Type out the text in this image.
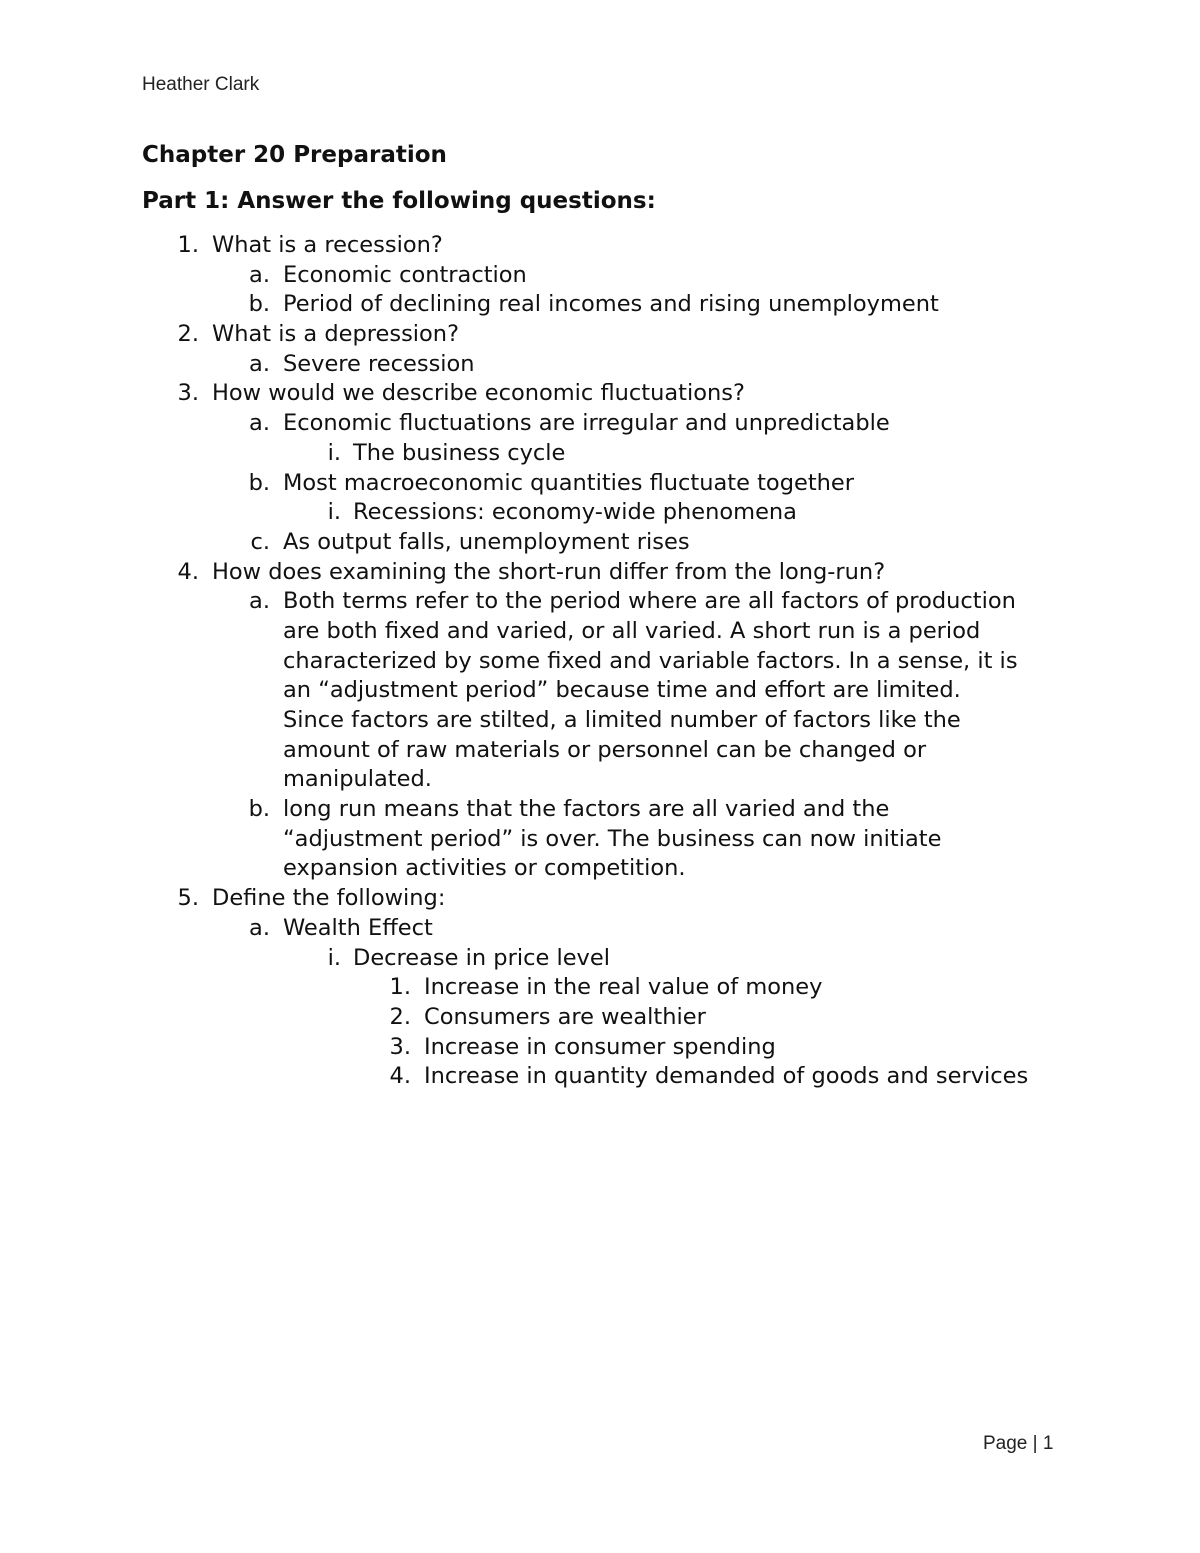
Heather Clark

Chapter 20 Preparation
Part 1: Answer the following questions:
1. What is a recession?
a. Economic contraction
b. Period of declining real incomes and rising unemployment
2. What is a depression?
a. Severe recession
3. How would we describe economic fluctuations?
a. Economic fluctuations are irregular and unpredictable
i. The business cycle
b. Most macroeconomic quantities fluctuate together
i. Recessions: economy-wide phenomena
c. As output falls, unemployment rises
4. How does examining the short-run differ from the long-run?
a. Both terms refer to the period where are all factors of production
are both fixed and varied, or all varied. A short run is a period
characterized by some fixed and variable factors. In a sense, it is
an “adjustment period” because time and effort are limited.
Since factors are stilted, a limited number of factors like the
amount of raw materials or personnel can be changed or
manipulated.
b. long run means that the factors are all varied and the
“adjustment period” is over. The business can now initiate
expansion activities or competition.
5. Define the following:
a. Wealth Effect
i. Decrease in price level
1. Increase in the real value of money
2. Consumers are wealthier
3. Increase in consumer spending
4. Increase in quantity demanded of goods and services
Page | 1
